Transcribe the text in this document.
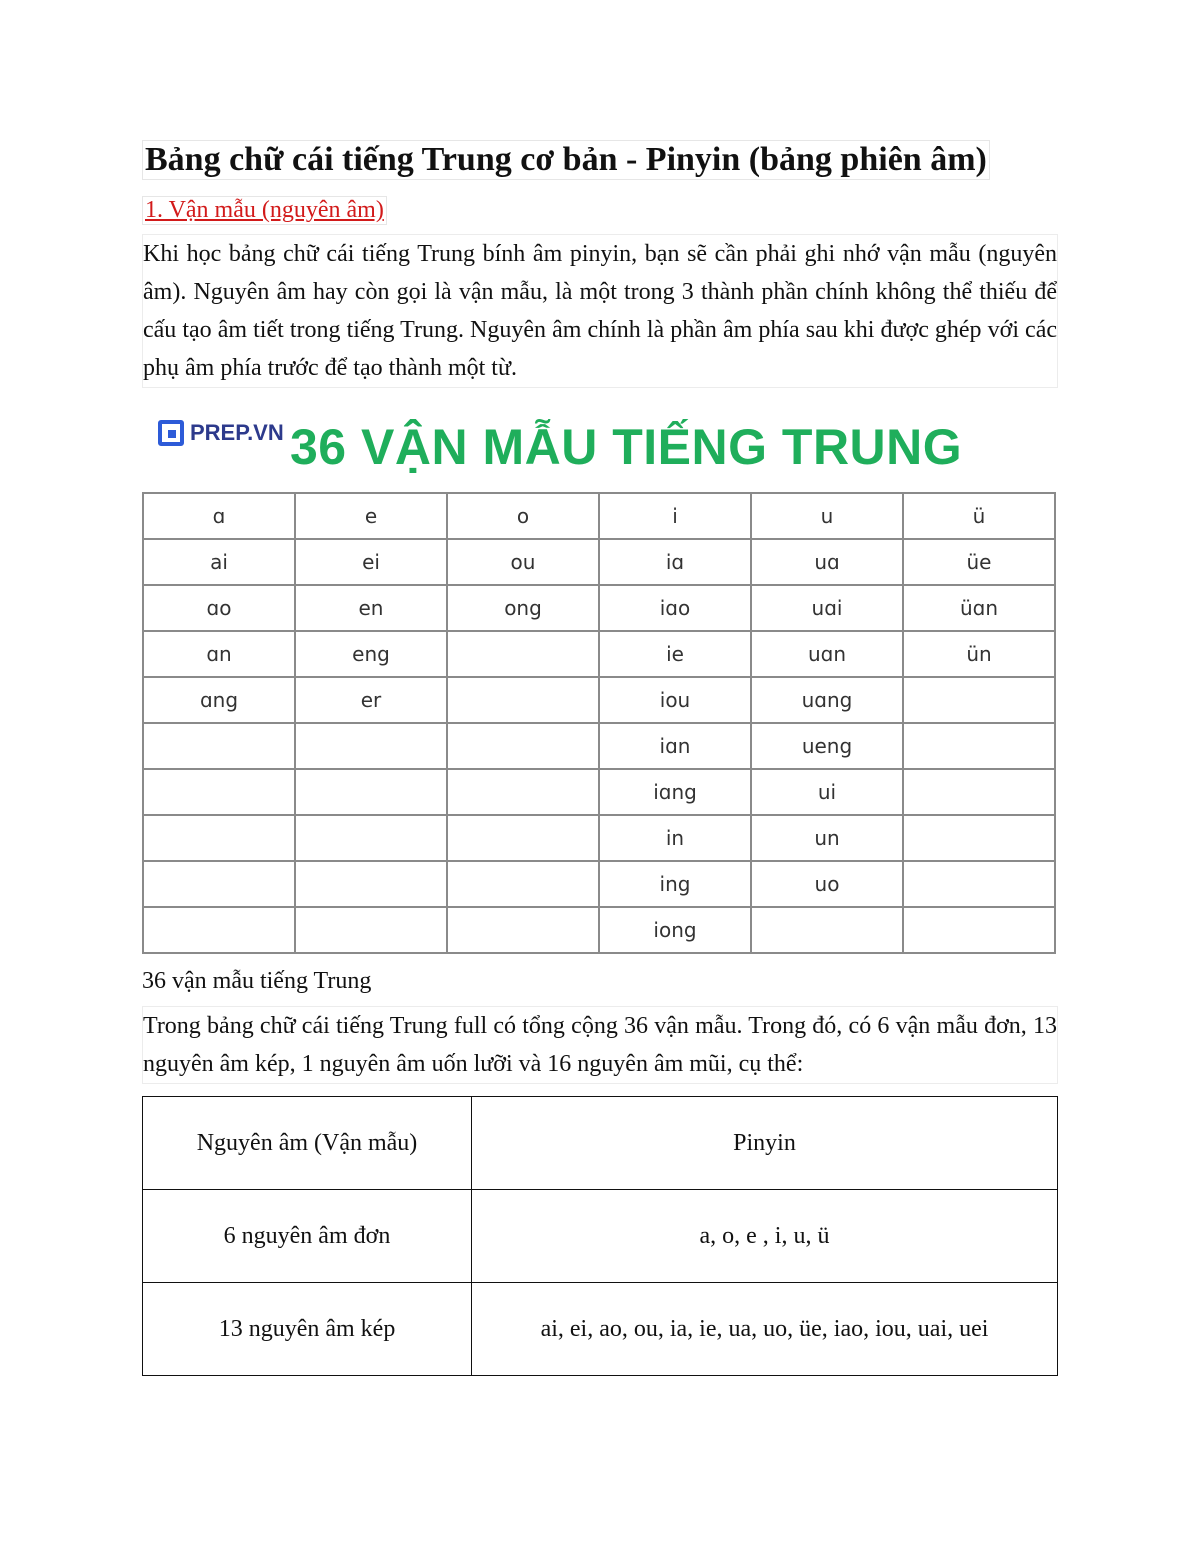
Bảng chữ cái tiếng Trung cơ bản - Pinyin (bảng phiên âm)
1. Vận mẫu (nguyên âm)
Khi học bảng chữ cái tiếng Trung bính âm pinyin, bạn sẽ cần phải ghi nhớ vận mẫu (nguyên âm). Nguyên âm hay còn gọi là vận mẫu, là một trong 3 thành phần chính không thể thiếu để cấu tạo âm tiết trong tiếng Trung. Nguyên âm chính là phần âm phía sau khi được ghép với các phụ âm phía trước để tạo thành một từ.
PREP.VN 36 VẬN MẪU TIẾNG TRUNG
ɑ	e	o	i	u	ü
ai	ei	ou	iɑ	uɑ	üe
ɑo	en	ong	iɑo	uɑi	üɑn
ɑn	eng		ie	uɑn	ün
ɑng	er		iou	uɑng	
			iɑn	ueng	
			iɑng	ui	
			in	un	
			ing	uo	
			iong		
36 vận mẫu tiếng Trung
Trong bảng chữ cái tiếng Trung full có tổng cộng 36 vận mẫu. Trong đó, có 6 vận mẫu đơn, 13 nguyên âm kép, 1 nguyên âm uốn lưỡi và 16 nguyên âm mũi, cụ thể:
Nguyên âm (Vận mẫu)	Pinyin
6 nguyên âm đơn	a, o, e , i, u, ü
13 nguyên âm kép	ai, ei, ao, ou, ia, ie, ua, uo, üe, iao, iou, uai, uei
